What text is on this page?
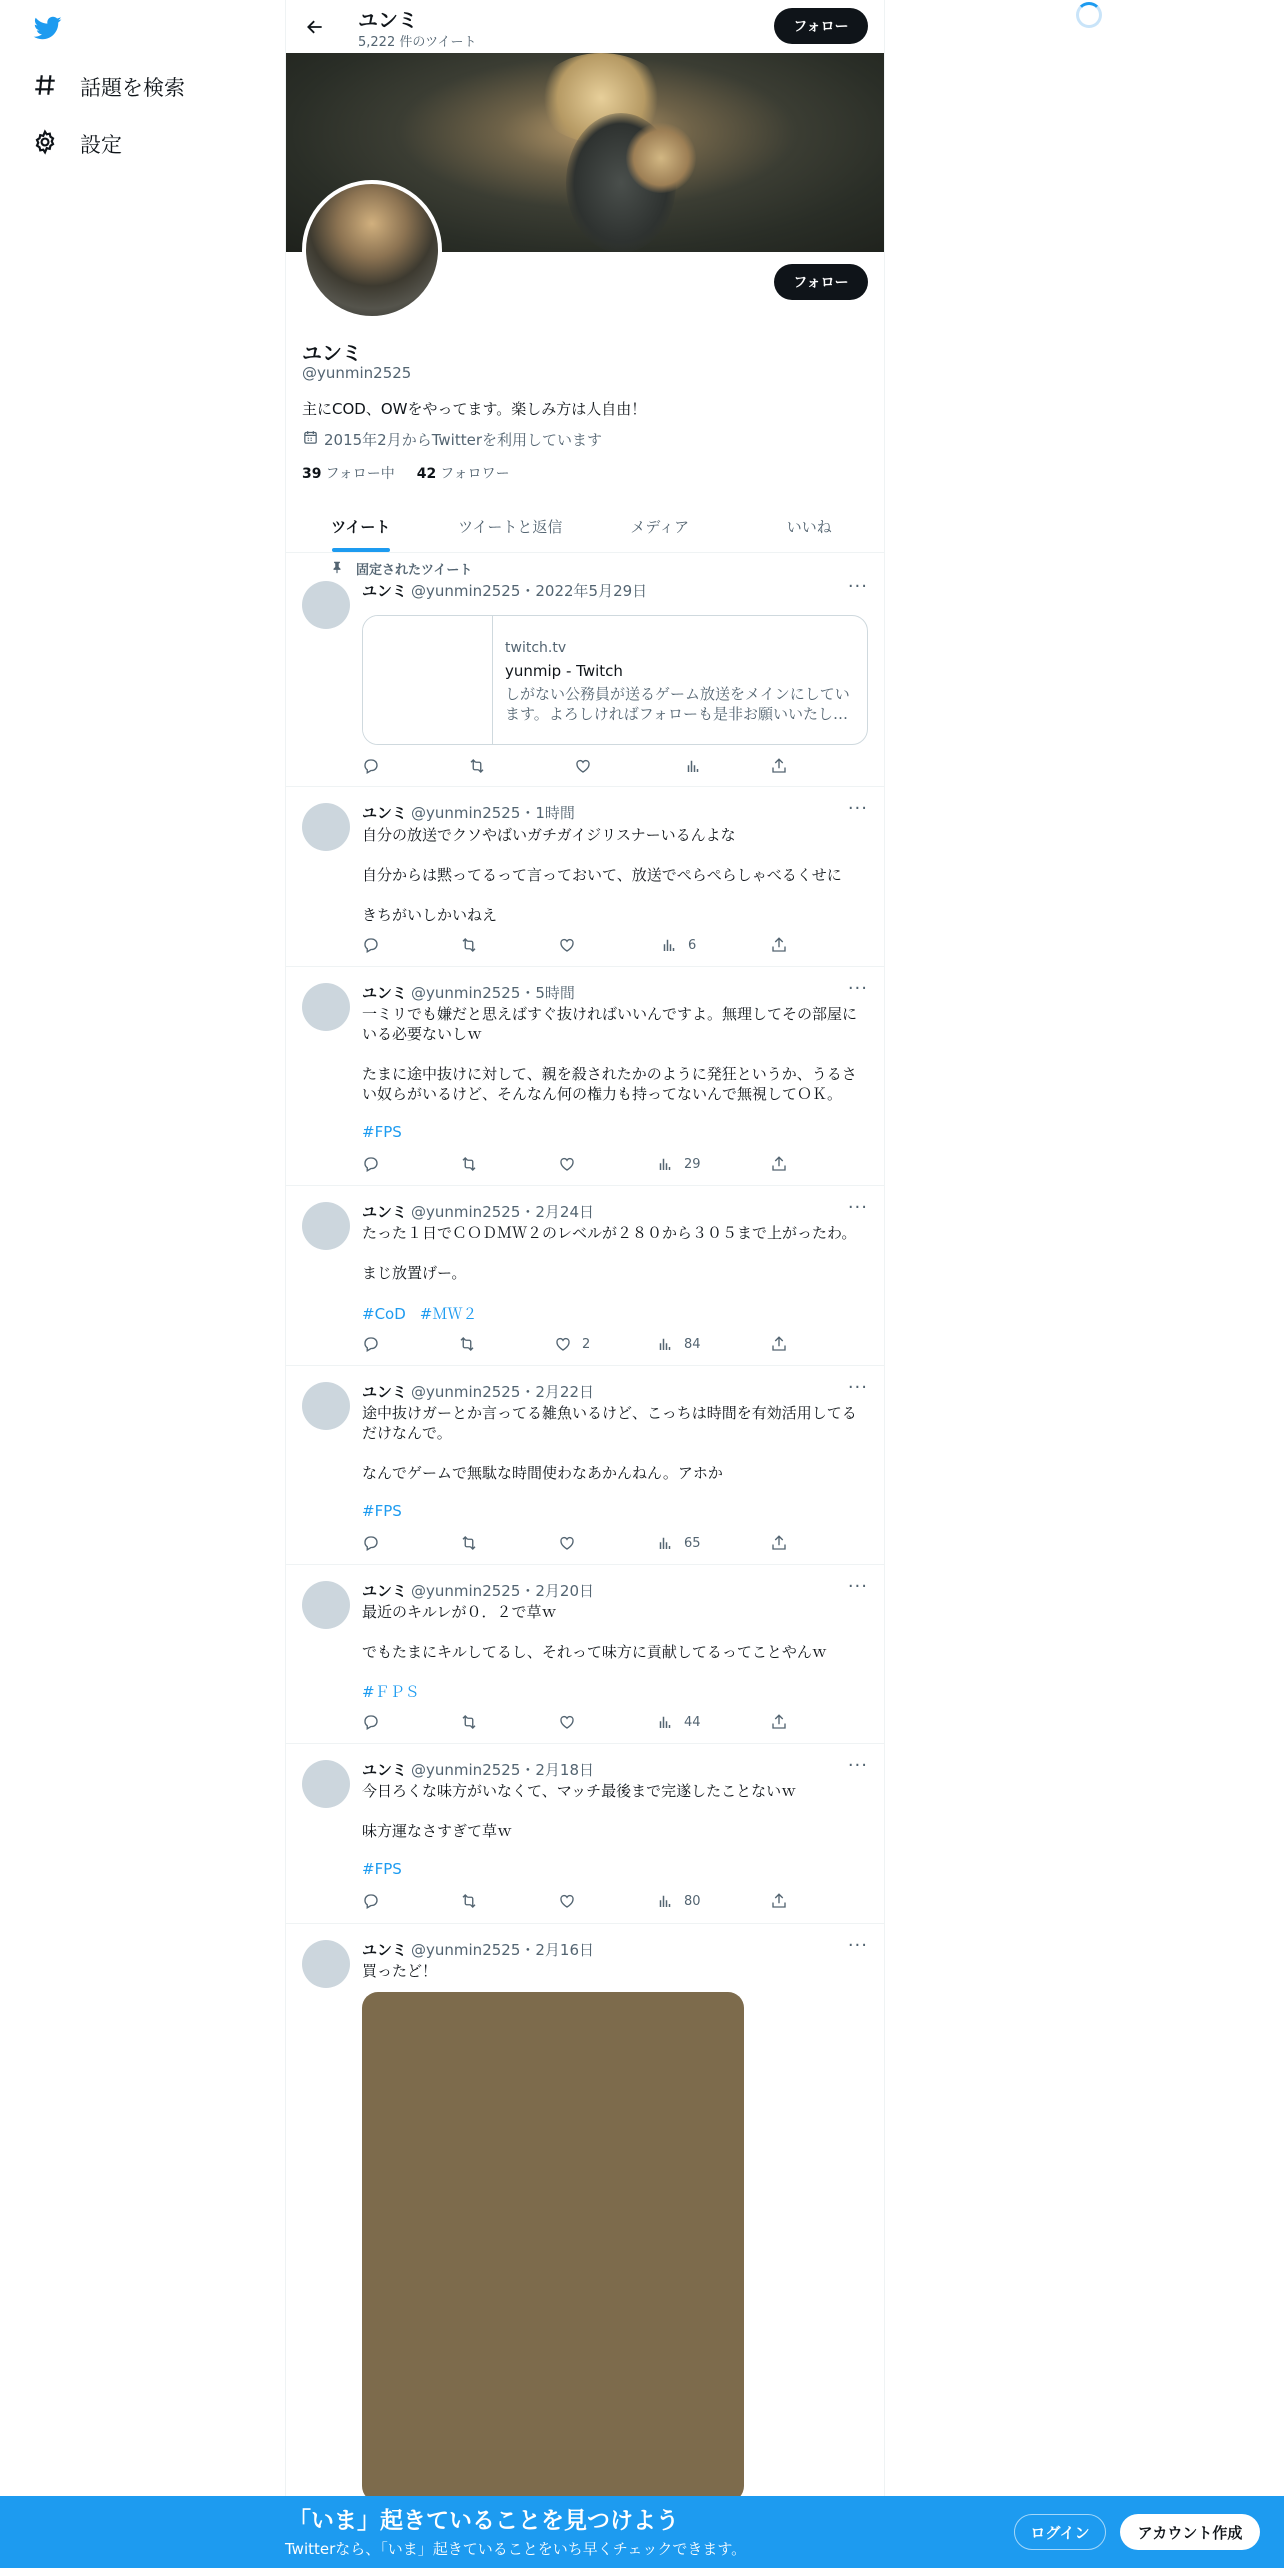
話題を検索
設定
ユンミ
5,222 件のツイート
フォロー
フォロー
ユンミ
@yunmin2525
主にCOD、OWをやってます。楽しみ方は人自由！
2015年2月からTwitterを利用しています
39 フォロー中 42 フォロワー
ツイート	ツイートと返信	メディア	いいね
固定されたツイート
ユンミ @yunmin2525・2022年5月29日	···
twitch.tv
yunmip - Twitch
しがない公務員が送るゲーム放送をメインにしています。よろしければフォローも是非お願いいたし…
ユンミ @yunmin2525・1時間	···
自分の放送でクソやばいガチガイジリスナーいるんよな

自分からは黙ってるって言っておいて、放送でぺらぺらしゃべるくせに

きちがいしかいねえ
6
ユンミ @yunmin2525・5時間	···
一ミリでも嫌だと思えばすぐ抜ければいいんですよ。無理してその部屋にいる必要ないしｗ

たまに途中抜けに対して、親を殺されたかのように発狂というか、うるさい奴らがいるけど、そんなん何の権力も持ってないんで無視してＯＫ。
#FPS
29
ユンミ @yunmin2525・2月24日	···
たった１日でＣＯＤＭＷ２のレベルが２８０から３０５まで上がったわ。

まじ放置げー。
#CoD #ＭＷ２
2	84
ユンミ @yunmin2525・2月22日	···
途中抜けガーとか言ってる雑魚いるけど、こっちは時間を有効活用してるだけなんで。

なんでゲームで無駄な時間使わなあかんねん。アホか
#FPS
65
ユンミ @yunmin2525・2月20日	···
最近のキルレが０．２で草ｗ

でもたまにキルしてるし、それって味方に貢献してるってことやんｗ
#ＦＰＳ
44
ユンミ @yunmin2525・2月18日	···
今日ろくな味方がいなくて、マッチ最後まで完遂したことないｗ

味方運なさすぎて草ｗ
#FPS
80
ユンミ @yunmin2525・2月16日	···
買ったど！
「いま」起きていることを見つけよう
Twitterなら、「いま」起きていることをいち早くチェックできます。
ログイン	アカウント作成
